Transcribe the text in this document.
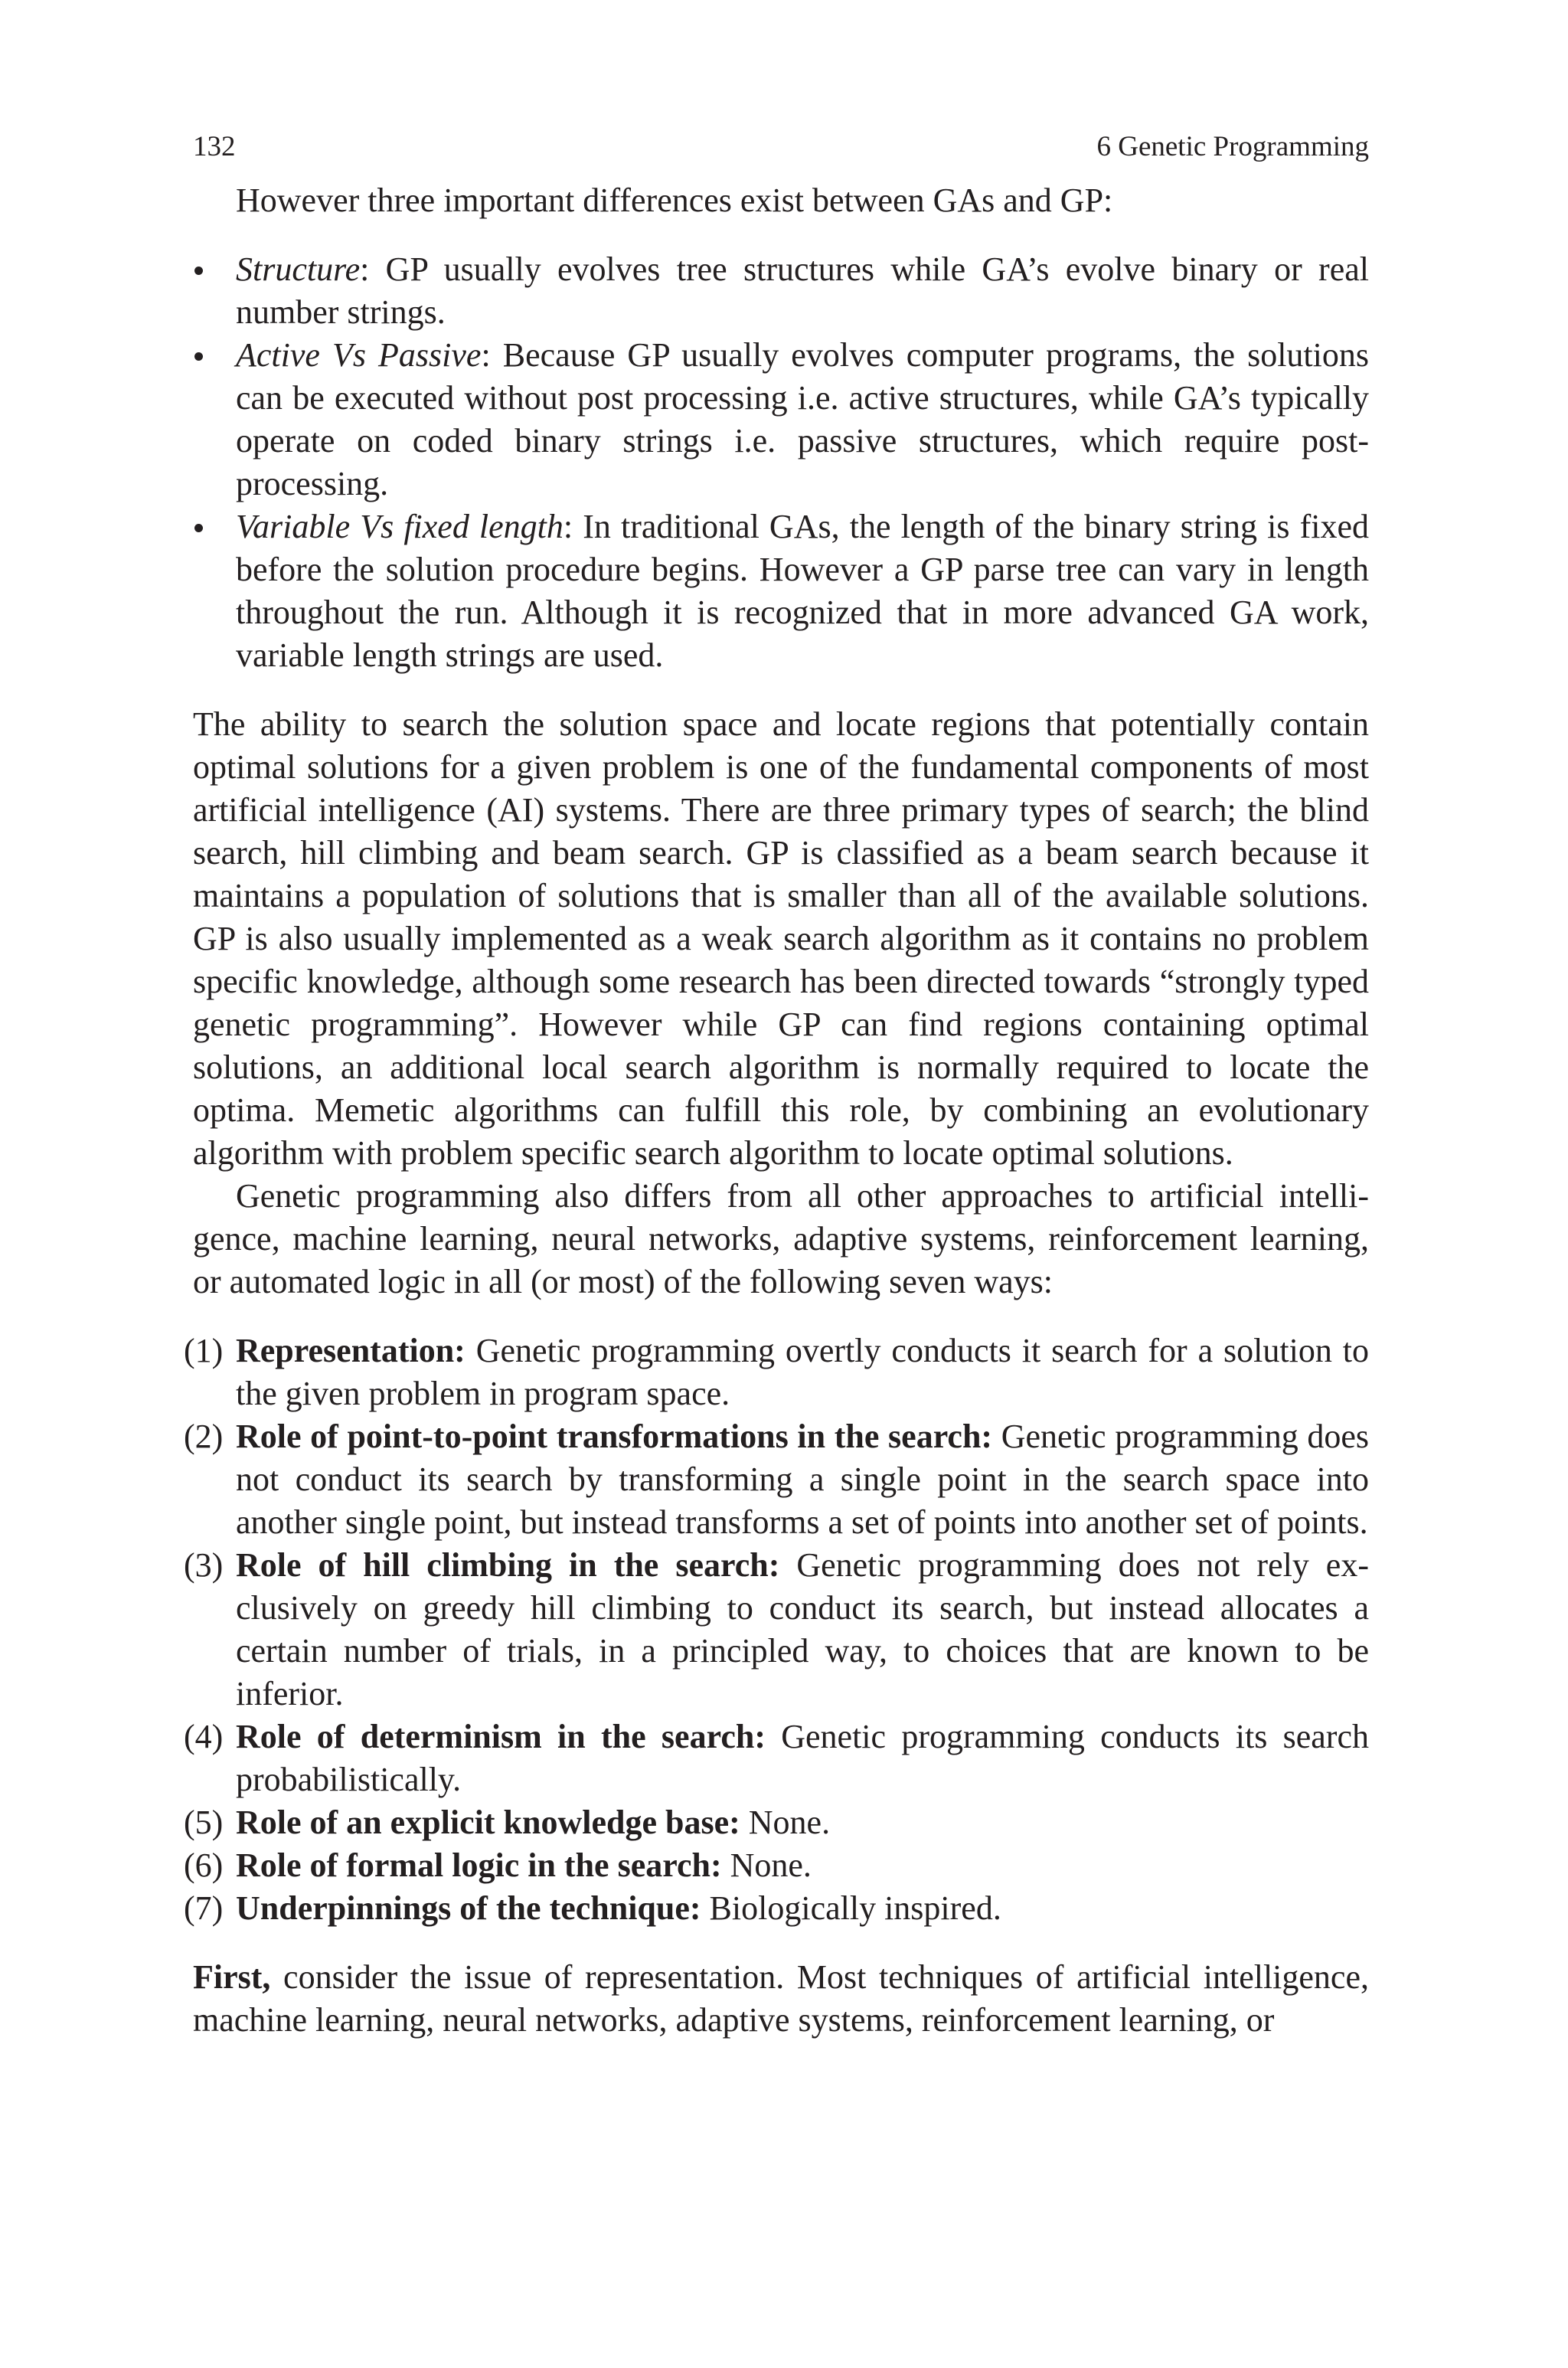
132	6 Genetic Programming

However three important differences exist between GAs and GP:

Structure: GP usually evolves tree structures while GA’s evolve binary or real number strings.
Active Vs Passive: Because GP usually evolves computer programs, the solutions can be executed without post processing i.e. active structures, while GA’s typically operate on coded binary strings i.e. passive structures, which require post-processing.
Variable Vs fixed length: In traditional GAs, the length of the binary string is fixed before the solution procedure begins. However a GP parse tree can vary in length throughout the run. Although it is recognized that in more advanced GA work, variable length strings are used.

The ability to search the solution space and locate regions that potentially contain optimal solutions for a given problem is one of the fundamental components of most artificial intelligence (AI) systems. There are three primary types of search; the blind search, hill climbing and beam search. GP is classified as a beam search because it maintains a population of solutions that is smaller than all of the available solutions. GP is also usually implemented as a weak search algorithm as it contains no problem specific knowledge, although some research has been directed towards “strongly typed genetic programming”. However while GP can find regions containing optimal solutions, an additional local search algorithm is normally required to locate the optima. Memetic algorithms can fulfill this role, by combining an evolutionary algorithm with problem specific search algorithm to locate optimal solutions.

Genetic programming also differs from all other approaches to artificial intelligence, machine learning, neural networks, adaptive systems, reinforcement learning, or automated logic in all (or most) of the following seven ways:

(1) Representation: Genetic programming overtly conducts it search for a solution to the given problem in program space.
(2) Role of point-to-point transformations in the search: Genetic programming does not conduct its search by transforming a single point in the search space into another single point, but instead transforms a set of points into another set of points.
(3) Role of hill climbing in the search: Genetic programming does not rely exclusively on greedy hill climbing to conduct its search, but instead allocates a certain number of trials, in a principled way, to choices that are known to be inferior.
(4) Role of determinism in the search: Genetic programming conducts its search probabilistically.
(5) Role of an explicit knowledge base: None.
(6) Role of formal logic in the search: None.
(7) Underpinnings of the technique: Biologically inspired.

First, consider the issue of representation. Most techniques of artificial intelligence, machine learning, neural networks, adaptive systems, reinforcement learning, or
